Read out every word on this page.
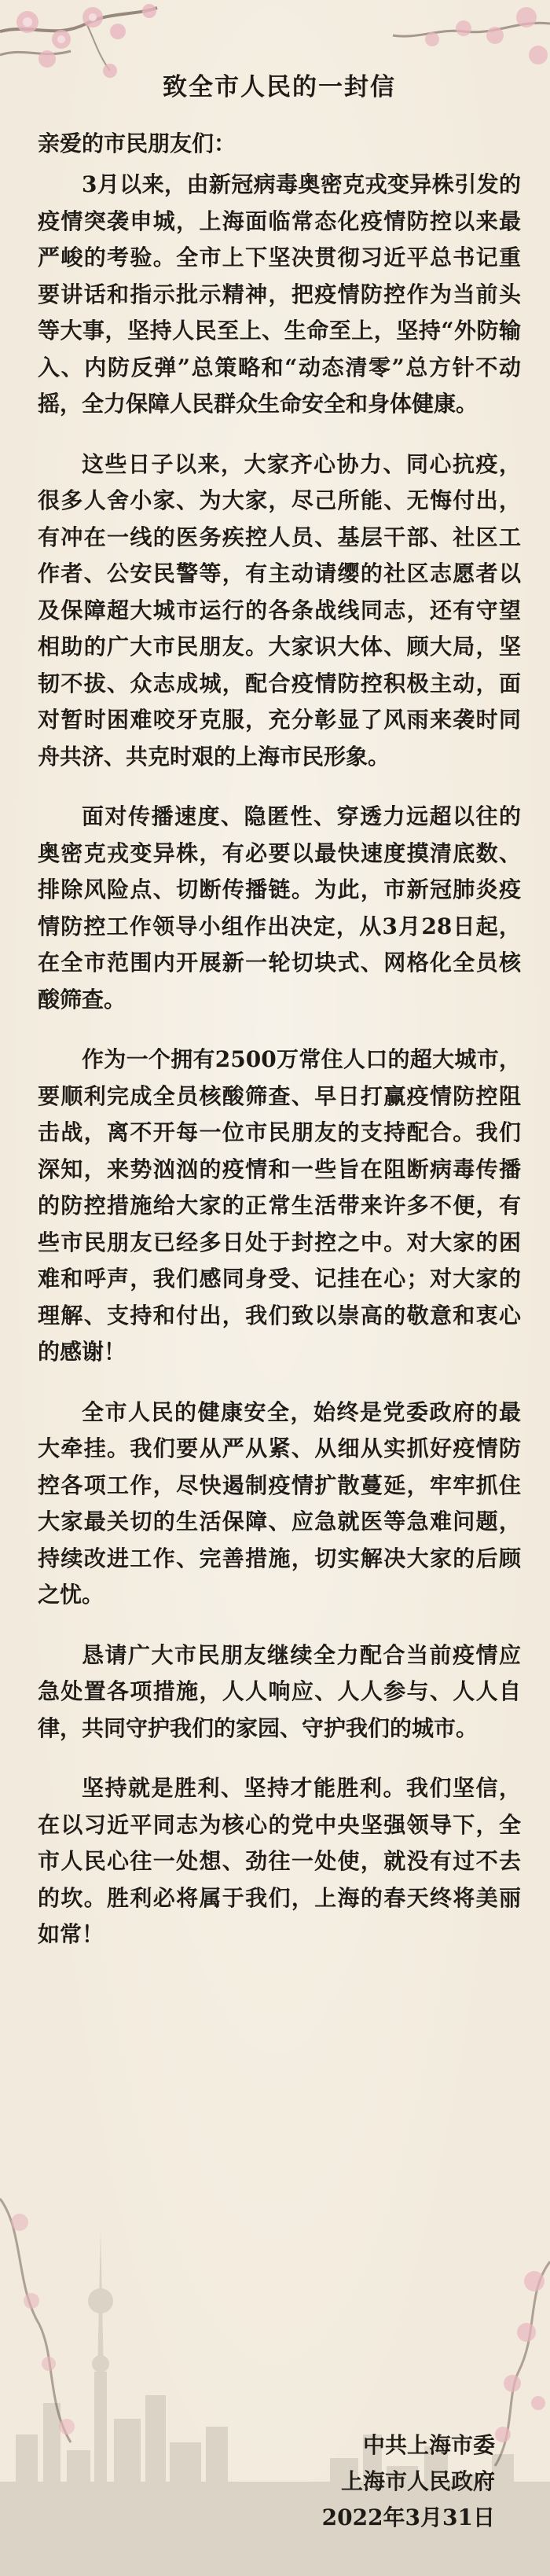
致全市人民的一封信

亲爱的市民朋友们：

3月以来，由新冠病毒奥密克戎变异株引发的疫情突袭申城，上海面临常态化疫情防控以来最严峻的考验。全市上下坚决贯彻习近平总书记重要讲话和指示批示精神，把疫情防控作为当前头等大事，坚持人民至上、生命至上，坚持“外防输入、内防反弹”总策略和“动态清零”总方针不动摇，全力保障人民群众生命安全和身体健康。

这些日子以来，大家齐心协力、同心抗疫，很多人舍小家、为大家，尽己所能、无悔付出，有冲在一线的医务疾控人员、基层干部、社区工作者、公安民警等，有主动请缨的社区志愿者以及保障超大城市运行的各条战线同志，还有守望相助的广大市民朋友。大家识大体、顾大局，坚韧不拔、众志成城，配合疫情防控积极主动，面对暂时困难咬牙克服，充分彰显了风雨来袭时同舟共济、共克时艰的上海市民形象。

面对传播速度、隐匿性、穿透力远超以往的奥密克戎变异株，有必要以最快速度摸清底数、排除风险点、切断传播链。为此，市新冠肺炎疫情防控工作领导小组作出决定，从3月28日起，在全市范围内开展新一轮切块式、网格化全员核酸筛查。

作为一个拥有2500万常住人口的超大城市，要顺利完成全员核酸筛查、早日打赢疫情防控阻击战，离不开每一位市民朋友的支持配合。我们深知，来势汹汹的疫情和一些旨在阻断病毒传播的防控措施给大家的正常生活带来许多不便，有些市民朋友已经多日处于封控之中。对大家的困难和呼声，我们感同身受、记挂在心；对大家的理解、支持和付出，我们致以崇高的敬意和衷心的感谢！

全市人民的健康安全，始终是党委政府的最大牵挂。我们要从严从紧、从细从实抓好疫情防控各项工作，尽快遏制疫情扩散蔓延，牢牢抓住大家最关切的生活保障、应急就医等急难问题，持续改进工作、完善措施，切实解决大家的后顾之忧。

恳请广大市民朋友继续全力配合当前疫情应急处置各项措施，人人响应、人人参与、人人自律，共同守护我们的家园、守护我们的城市。

坚持就是胜利、坚持才能胜利。我们坚信，在以习近平同志为核心的党中央坚强领导下，全市人民心往一处想、劲往一处使，就没有过不去的坎。胜利必将属于我们，上海的春天终将美丽如常！

中共上海市委
上海市人民政府
2022年3月31日
